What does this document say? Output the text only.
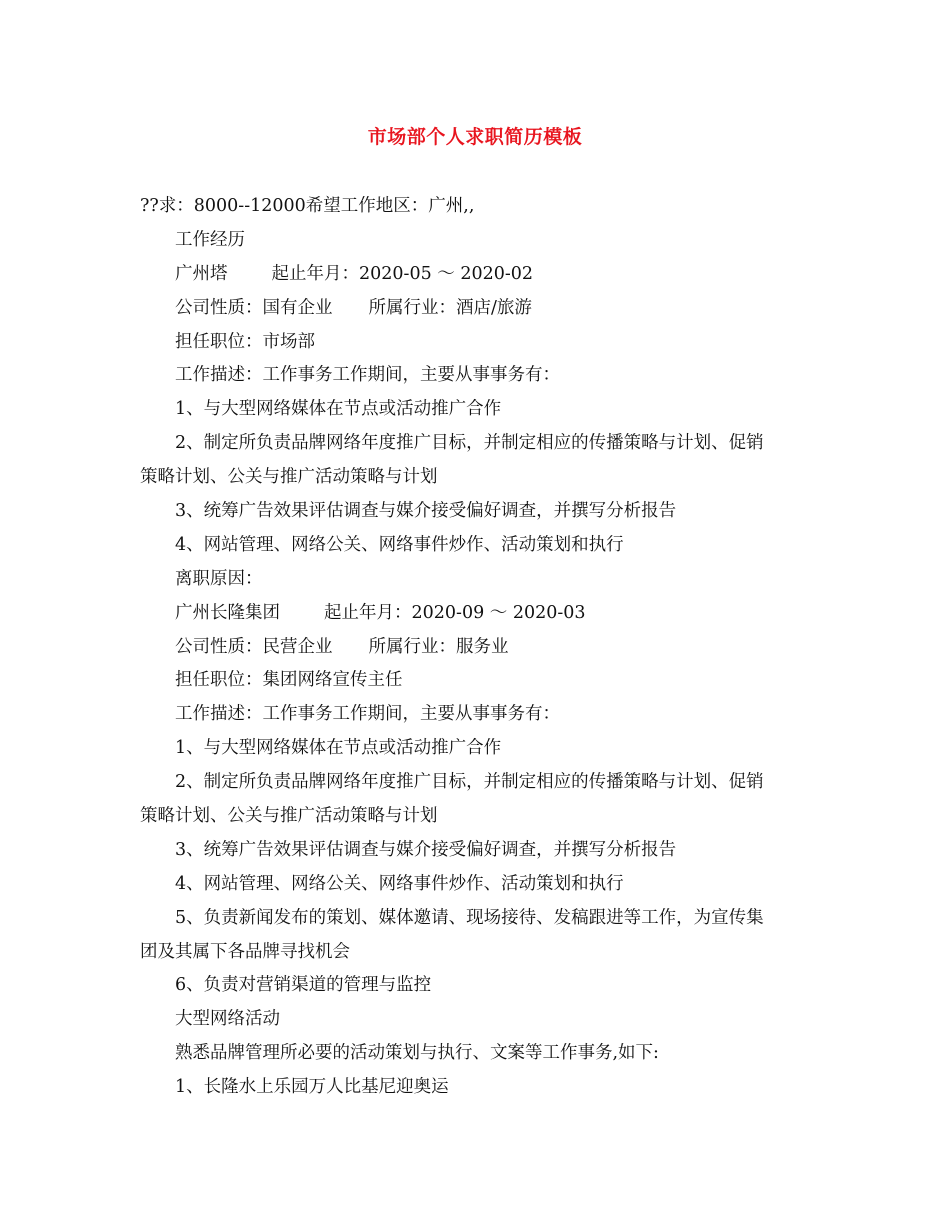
市场部个人求职简历模板
??求：8000--12000希望工作地区：广州,,
工作经历
广州塔	起止年月：2020-05 ～ 2020-02
公司性质：国有企业 所属行业：酒店/旅游
担任职位：市场部
工作描述：工作事务工作期间，主要从事事务有：
1、与大型网络媒体在节点或活动推广合作
2、制定所负责品牌网络年度推广目标，并制定相应的传播策略与计划、促销
策略计划、公关与推广活动策略与计划
3、统筹广告效果评估调查与媒介接受偏好调查，并撰写分析报告
4、网站管理、网络公关、网络事件炒作、活动策划和执行
离职原因：
广州长隆集团	起止年月：2020-09 ～ 2020-03
公司性质：民营企业 所属行业：服务业
担任职位：集团网络宣传主任
工作描述：工作事务工作期间，主要从事事务有：
1、与大型网络媒体在节点或活动推广合作
2、制定所负责品牌网络年度推广目标，并制定相应的传播策略与计划、促销
策略计划、公关与推广活动策略与计划
3、统筹广告效果评估调查与媒介接受偏好调查，并撰写分析报告
4、网站管理、网络公关、网络事件炒作、活动策划和执行
5、负责新闻发布的策划、媒体邀请、现场接待、发稿跟进等工作，为宣传集
团及其属下各品牌寻找机会
6、负责对营销渠道的管理与监控
大型网络活动
熟悉品牌管理所必要的活动策划与执行、文案等工作事务,如下:
1、长隆水上乐园万人比基尼迎奥运
